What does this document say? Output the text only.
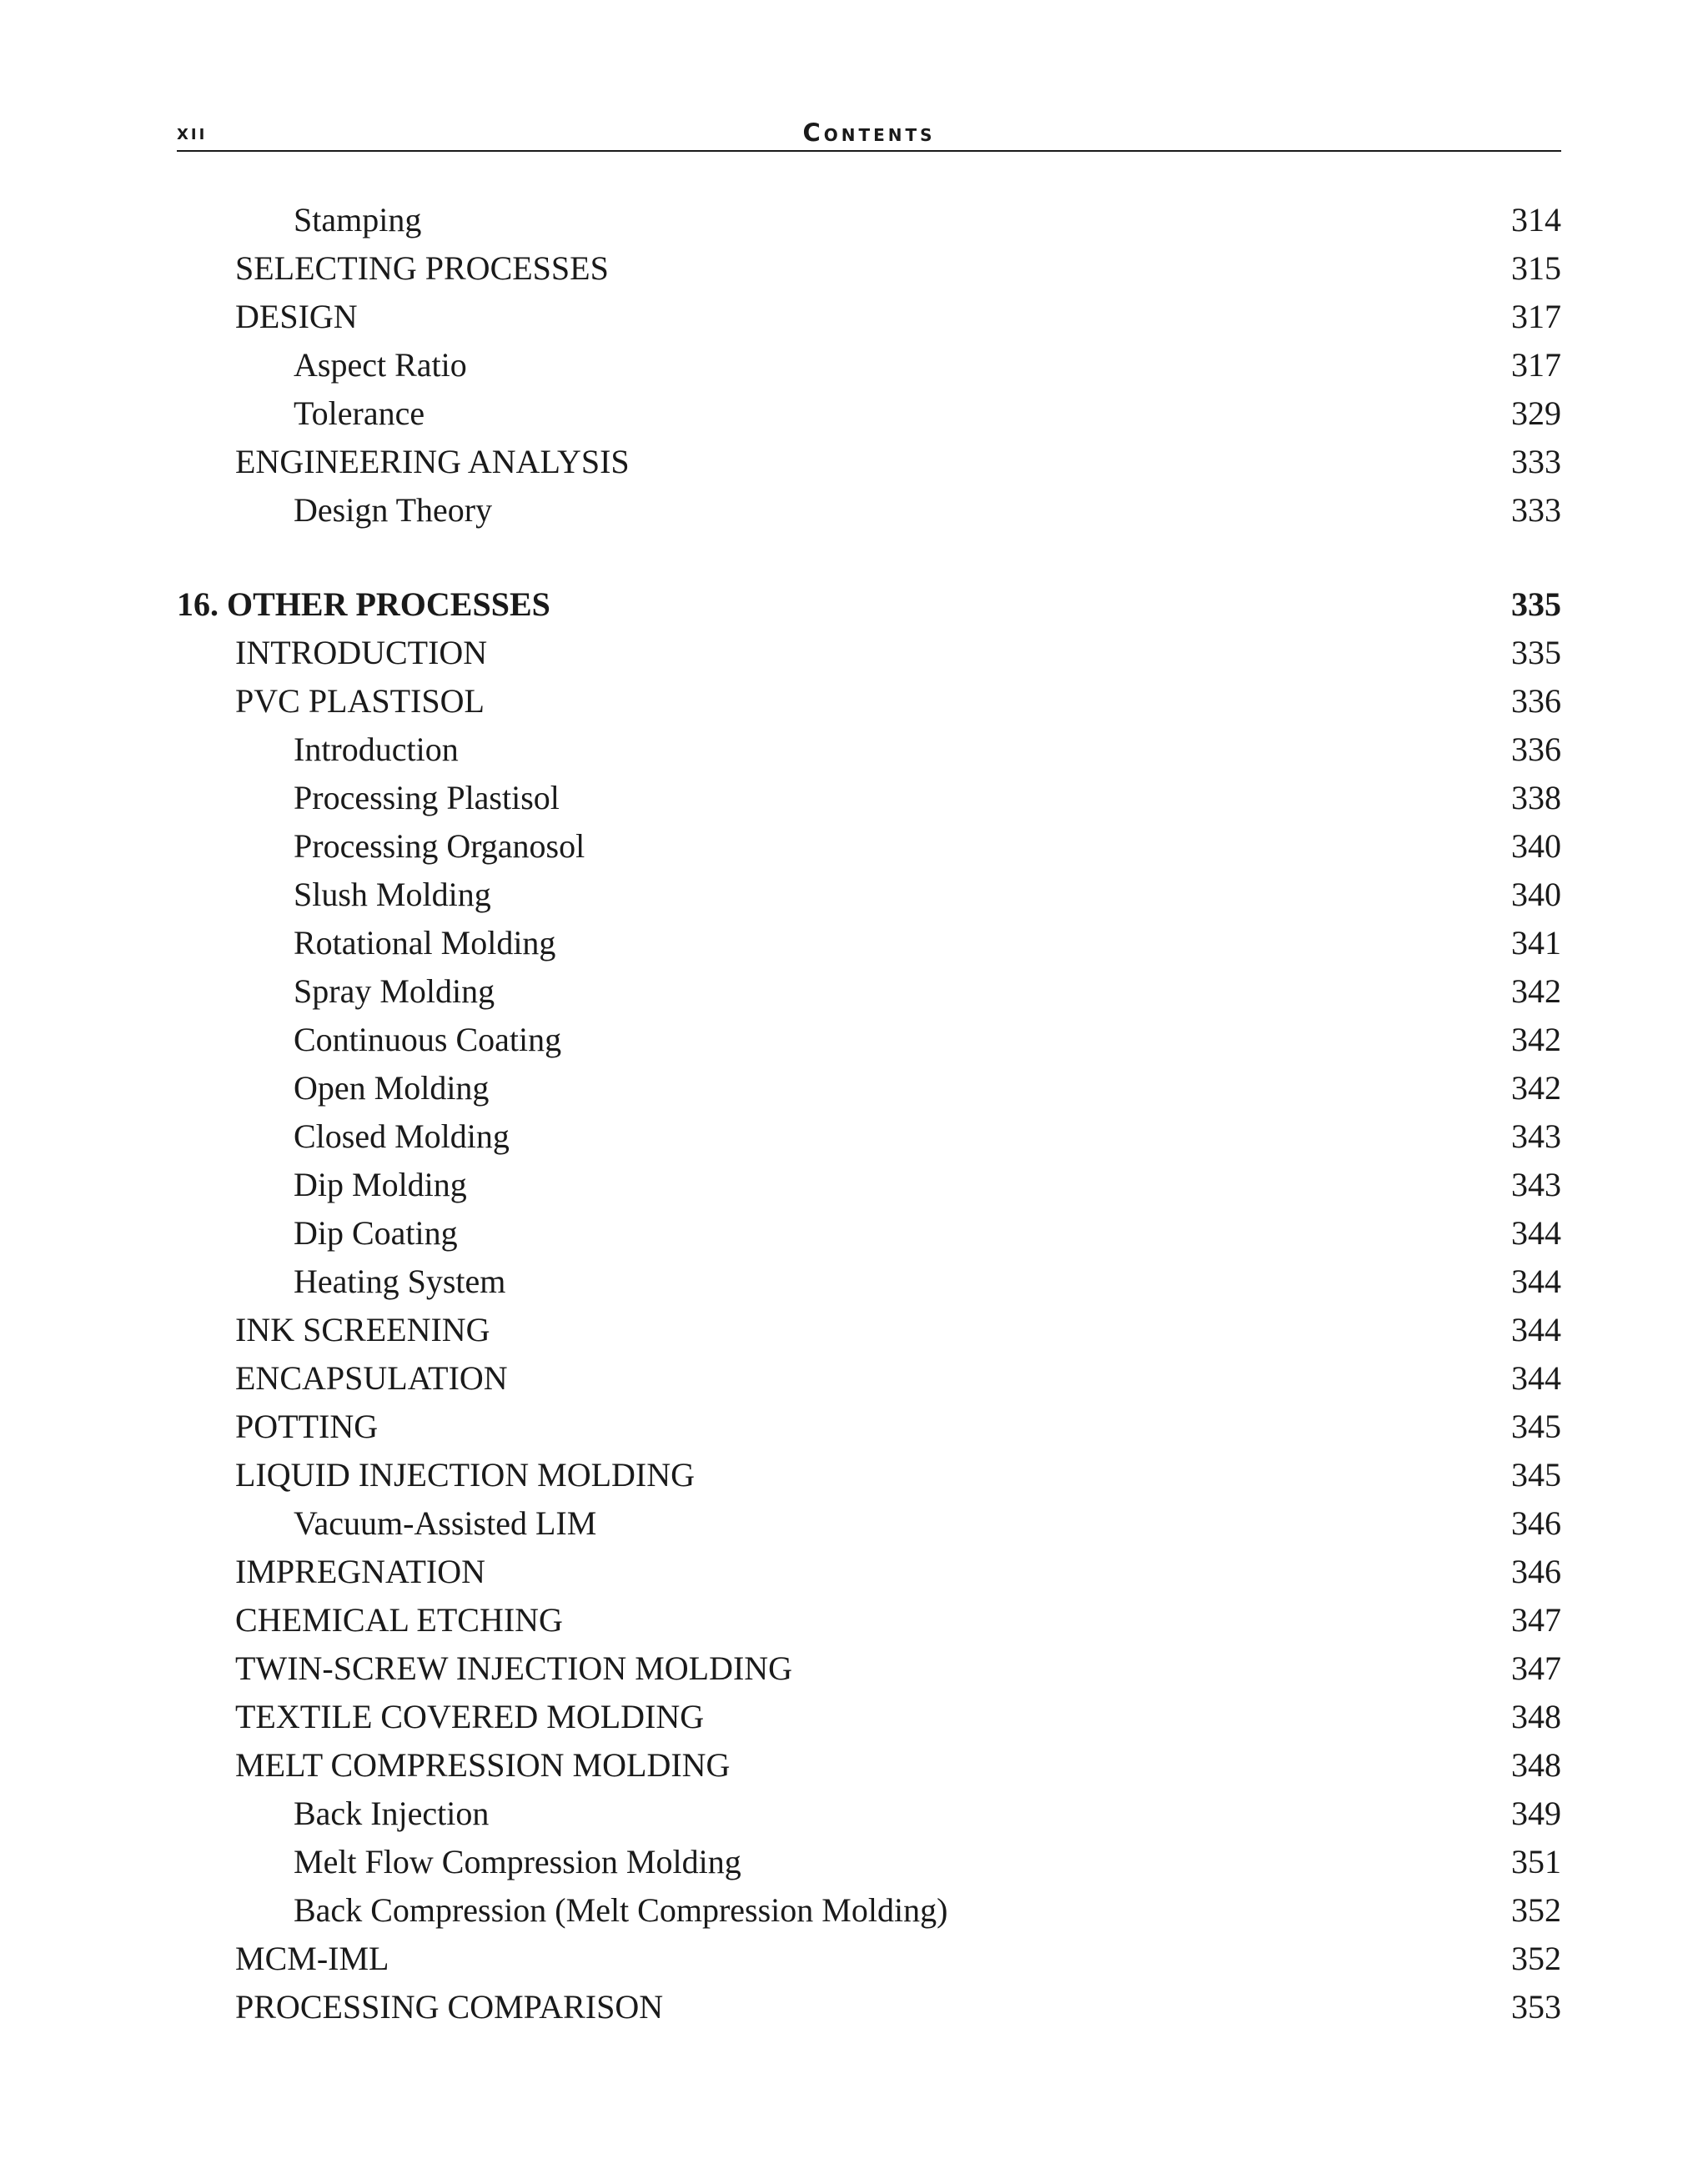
xii	Contents
Stamping	314
SELECTING PROCESSES	315
DESIGN	317
Aspect Ratio	317
Tolerance	329
ENGINEERING ANALYSIS	333
Design Theory	333
16. OTHER PROCESSES	335
INTRODUCTION	335
PVC PLASTISOL	336
Introduction	336
Processing Plastisol	338
Processing Organosol	340
Slush Molding	340
Rotational Molding	341
Spray Molding	342
Continuous Coating	342
Open Molding	342
Closed Molding	343
Dip Molding	343
Dip Coating	344
Heating System	344
INK SCREENING	344
ENCAPSULATION	344
POTTING	345
LIQUID INJECTION MOLDING	345
Vacuum-Assisted LIM	346
IMPREGNATION	346
CHEMICAL ETCHING	347
TWIN-SCREW INJECTION MOLDING	347
TEXTILE COVERED MOLDING	348
MELT COMPRESSION MOLDING	348
Back Injection	349
Melt Flow Compression Molding	351
Back Compression (Melt Compression Molding)	352
MCM-IML	352
PROCESSING COMPARISON	353
